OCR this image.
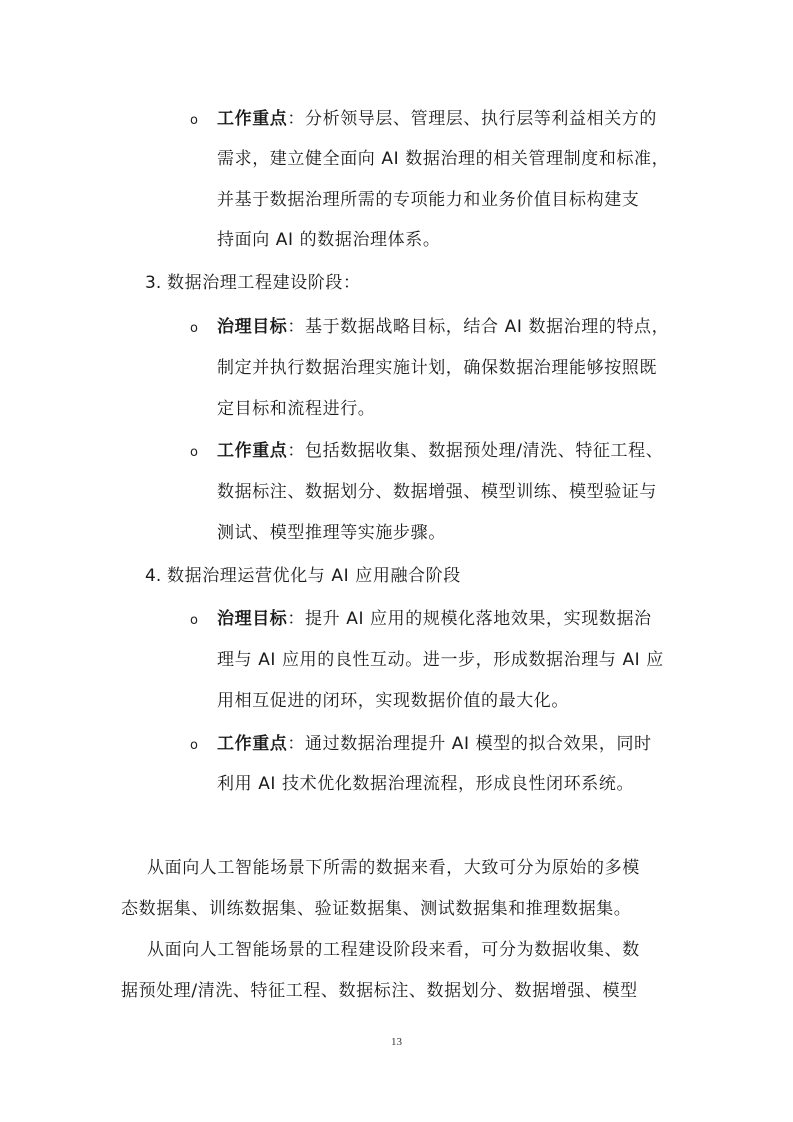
o 工作重点：分析领导层、管理层、执行层等利益相关方的
需求，建立健全面向 AI 数据治理的相关管理制度和标准，
并基于数据治理所需的专项能力和业务价值目标构建支
持面向 AI 的数据治理体系。
3. 数据治理工程建设阶段：
o 治理目标：基于数据战略目标，结合 AI 数据治理的特点，
制定并执行数据治理实施计划，确保数据治理能够按照既
定目标和流程进行。
o 工作重点：包括数据收集、数据预处理/清洗、特征工程、
数据标注、数据划分、数据增强、模型训练、模型验证与
测试、模型推理等实施步骤。
4. 数据治理运营优化与 AI 应用融合阶段
o 治理目标：提升 AI 应用的规模化落地效果，实现数据治
理与 AI 应用的良性互动。进一步，形成数据治理与 AI 应
用相互促进的闭环，实现数据价值的最大化。
o 工作重点：通过数据治理提升 AI 模型的拟合效果，同时
利用 AI 技术优化数据治理流程，形成良性闭环系统。
从面向人工智能场景下所需的数据来看，大致可分为原始的多模
态数据集、训练数据集、验证数据集、测试数据集和推理数据集。
从面向人工智能场景的工程建设阶段来看，可分为数据收集、数
据预处理/清洗、特征工程、数据标注、数据划分、数据增强、模型
13
